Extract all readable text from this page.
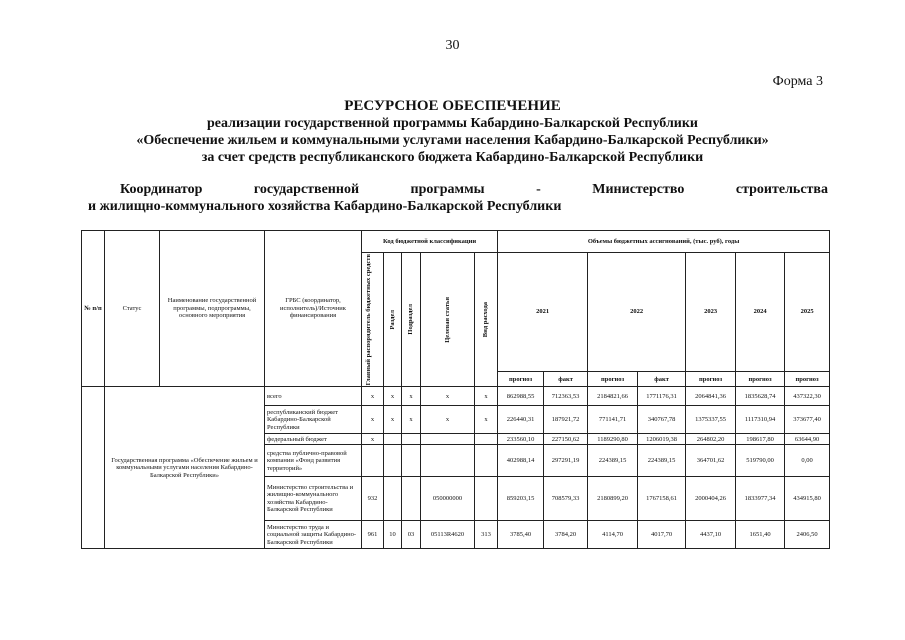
30
Форма 3
РЕСУРСНОЕ ОБЕСПЕЧЕНИЕ
реализации государственной программы Кабардино-Балкарской Республики
«Обеспечение жильем и коммунальными услугами населения Кабардино-Балкарской Республики»
за счет средств республиканского бюджета Кабардино-Балкарской Республики
Координатор	государственной	программы	-	Министерство	строительства
и жилищно-коммунального хозяйства Кабардино-Балкарской Республики
№ п/п	Статус	Наименование государственной программы, подпрограммы, основного мероприятия	ГРБС (координатор, исполнитель)/Источник финансирования	Код бюджетной классификации					Объемы бюджетных ассигнований, (тыс. руб), годы						

				Главный распорядитель бюджетных средств	Раздел	Подраздел	Целевая статья	Вид расхода	2021		2022		2023	2024	2025
									прогноз	факт	прогноз	факт	прогноз	прогноз	прогноз
	Государственная программа «Обеспечение жильем и коммунальными услугами населения Кабардино-Балкарской Республики»		всего	х	х	х	х	х	862988,55	712363,53	2184821,66	1771176,31	2064841,36	1835628,74	437322,30
			республиканский бюджет Кабардино-Балкарской Республики	х	х	х	х	х	226440,31	187921,72	771141,71	340767,78	1375337,55	1117310,94	373677,40
			федеральный бюджет	х					233560,10	227150,62	1189290,80	1206019,38	264802,20	198617,80	63644,90
			средства публично-правовой компании «Фонд развития территорий»						402988,14	297291,19	224389,15	224389,15	364701,62	519790,00	0,00
			Министерство строительства и жилищно-коммунального хозяйства Кабардино-Балкарской Республики	932			050000000		859203,15	708579,33	2180899,20	1767158,61	2000404,26	1833977,34	434915,80
			Министерство труда и социальной защиты Кабардино-Балкарской Республики	961	10	03	05113R4620	313	3785,40	3784,20	4114,70	4017,70	4437,10	1651,40	2406,50
